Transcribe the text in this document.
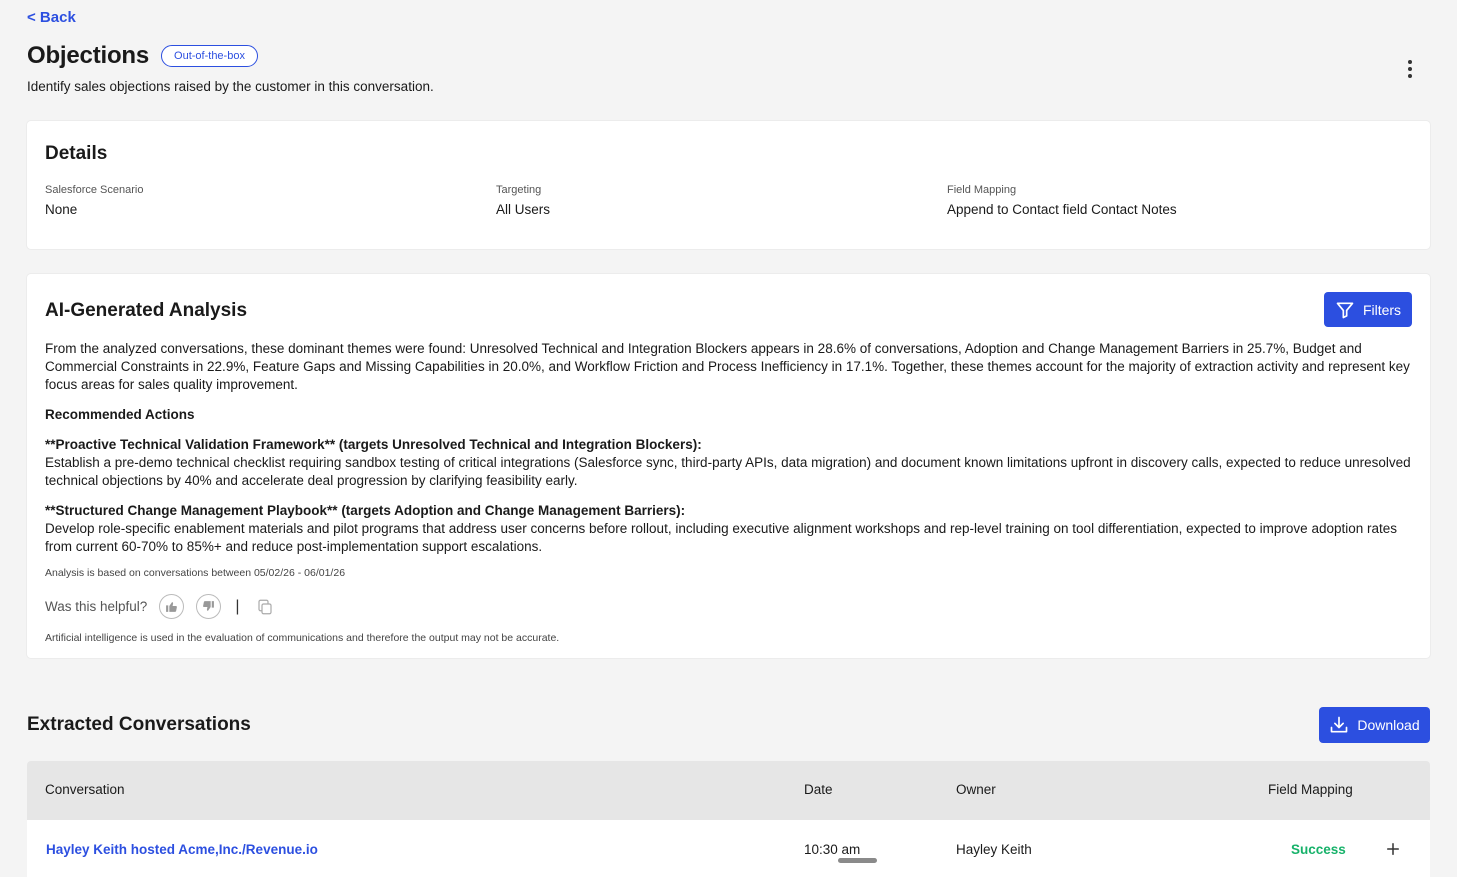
< Back
Objections	Out-of-the-box
Identify sales objections raised by the customer in this conversation.
Details
Salesforce Scenario
None
Targeting
All Users
Field Mapping
Append to Contact field Contact Notes
AI-Generated Analysis	Filters

From the analyzed conversations, these dominant themes were found: Unresolved Technical and Integration Blockers appears in 28.6% of conversations, Adoption and Change Management Barriers in 25.7%, Budget and Commercial Constraints in 22.9%, Feature Gaps and Missing Capabilities in 20.0%, and Workflow Friction and Process Inefficiency in 17.1%. Together, these themes account for the majority of extraction activity and represent key focus areas for sales quality improvement.

Recommended Actions

**Proactive Technical Validation Framework** (targets Unresolved Technical and Integration Blockers):
Establish a pre-demo technical checklist requiring sandbox testing of critical integrations (Salesforce sync, third-party APIs, data migration) and document known limitations upfront in discovery calls, expected to reduce unresolved technical objections by 40% and accelerate deal progression by clarifying feasibility early.

**Structured Change Management Playbook** (targets Adoption and Change Management Barriers):
Develop role-specific enablement materials and pilot programs that address user concerns before rollout, including executive alignment workshops and rep-level training on tool differentiation, expected to improve adoption rates from current 60-70% to 85%+ and reduce post-implementation support escalations.

Analysis is based on conversations between 05/02/26 - 06/01/26
Was this helpful?	|
Artificial intelligence is used in the evaluation of communications and therefore the output may not be accurate.
Extracted Conversations	Download
Conversation	Date	Owner	Field Mapping
Hayley Keith hosted Acme,Inc./Revenue.io	10:30 am	Hayley Keith	Success
